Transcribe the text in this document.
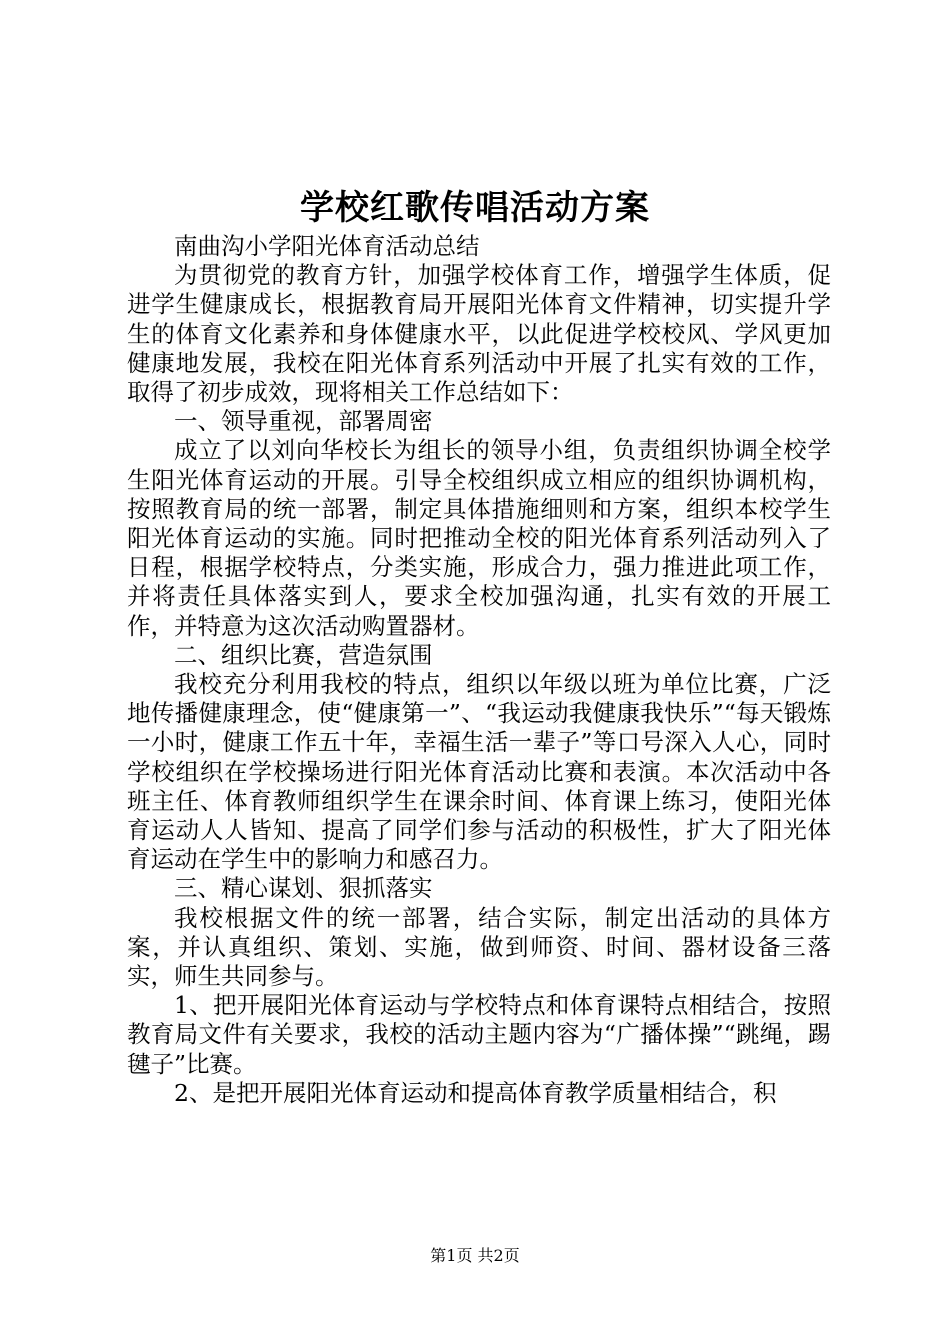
学校红歌传唱活动方案

南曲沟小学阳光体育活动总结

为贯彻党的教育方针，加强学校体育工作，增强学生体质，促进学生健康成长，根据教育局开展阳光体育文件精神，切实提升学生的体育文化素养和身体健康水平，以此促进学校校风、学风更加健康地发展，我校在阳光体育系列活动中开展了扎实有效的工作，取得了初步成效，现将相关工作总结如下：

一、领导重视，部署周密

成立了以刘向华校长为组长的领导小组，负责组织协调全校学生阳光体育运动的开展。引导全校组织成立相应的组织协调机构，按照教育局的统一部署，制定具体措施细则和方案，组织本校学生阳光体育运动的实施。同时把推动全校的阳光体育系列活动列入了日程，根据学校特点，分类实施，形成合力，强力推进此项工作，并将责任具体落实到人，要求全校加强沟通，扎实有效的开展工作，并特意为这次活动购置器材。

二、组织比赛，营造氛围

我校充分利用我校的特点，组织以年级以班为单位比赛，广泛地传播健康理念，使“健康第一”、“我运动我健康我快乐”“每天锻炼一小时，健康工作五十年，幸福生活一辈子”等口号深入人心，同时学校组织在学校操场进行阳光体育活动比赛和表演。本次活动中各班主任、体育教师组织学生在课余时间、体育课上练习，使阳光体育运动人人皆知、提高了同学们参与活动的积极性，扩大了阳光体育运动在学生中的影响力和感召力。

三、精心谋划、狠抓落实

我校根据文件的统一部署，结合实际，制定出活动的具体方案，并认真组织、策划、实施，做到师资、时间、器材设备三落实，师生共同参与。

1、把开展阳光体育运动与学校特点和体育课特点相结合，按照教育局文件有关要求，我校的活动主题内容为“广播体操”“跳绳，踢毽子”比赛。

2、是把开展阳光体育运动和提高体育教学质量相结合，积

第1页 共2页
